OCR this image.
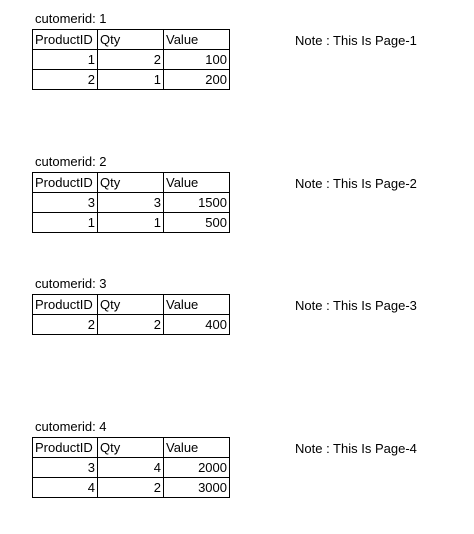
cutomerid: 1
ProductID	Qty	Value
1	2	100
2	1	200
Note : This Is Page-1
cutomerid: 2
ProductID	Qty	Value
3	3	1500
1	1	500
Note : This Is Page-2
cutomerid: 3
ProductID	Qty	Value
2	2	400
Note : This Is Page-3
cutomerid: 4
ProductID	Qty	Value
3	4	2000
4	2	3000
Note : This Is Page-4
